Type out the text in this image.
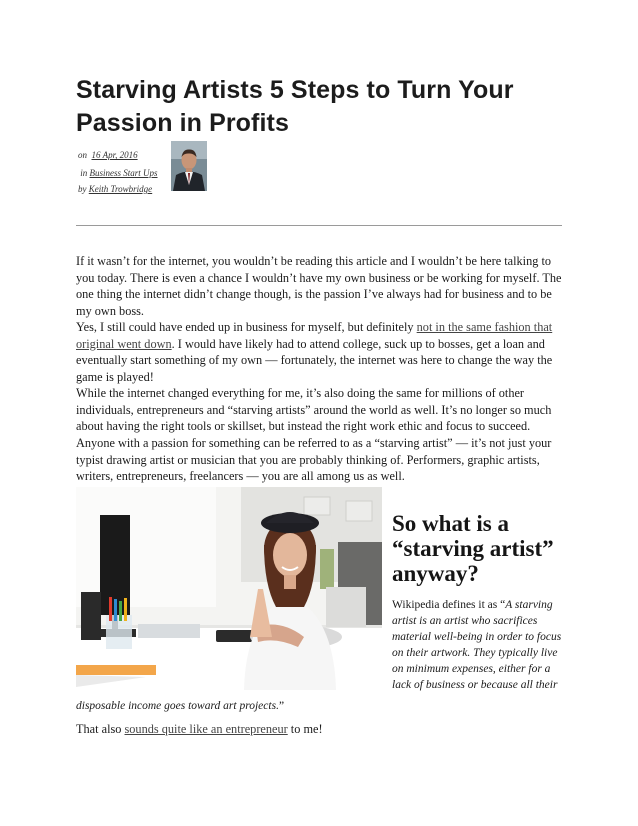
Starving Artists 5 Steps to Turn Your Passion in Profits
on 16 Apr, 2016
in Business Start Ups
by Keith Trowbridge

If it wasn’t for the internet, you wouldn’t be reading this article and I wouldn’t be here talking to you today. There is even a chance I wouldn’t have my own business or be working for myself. The one thing the internet didn’t change though, is the passion I’ve always had for business and to be my own boss.

Yes, I still could have ended up in business for myself, but definitely not in the same fashion that original went down. I would have likely had to attend college, suck up to bosses, get a loan and eventually start something of my own — fortunately, the internet was here to change the way the game is played!

While the internet changed everything for me, it’s also doing the same for millions of other individuals, entrepreneurs and “starving artists” around the world as well. It’s no longer so much about having the right tools or skillset, but instead the right work ethic and focus to succeed.

Anyone with a passion for something can be referred to as a “starving artist” — it’s not just your typist drawing artist or musician that you are probably thinking of. Performers, graphic artists, writers, entrepreneurs, freelancers — you are all among us as well.

So what is a “starving artist” anyway?

Wikipedia defines it as “A starving artist is an artist who sacrifices material well-being in order to focus on their artwork. They typically live on minimum expenses, either for a lack of business or because all their

disposable income goes toward art projects.”

That also sounds quite like an entrepreneur to me!
